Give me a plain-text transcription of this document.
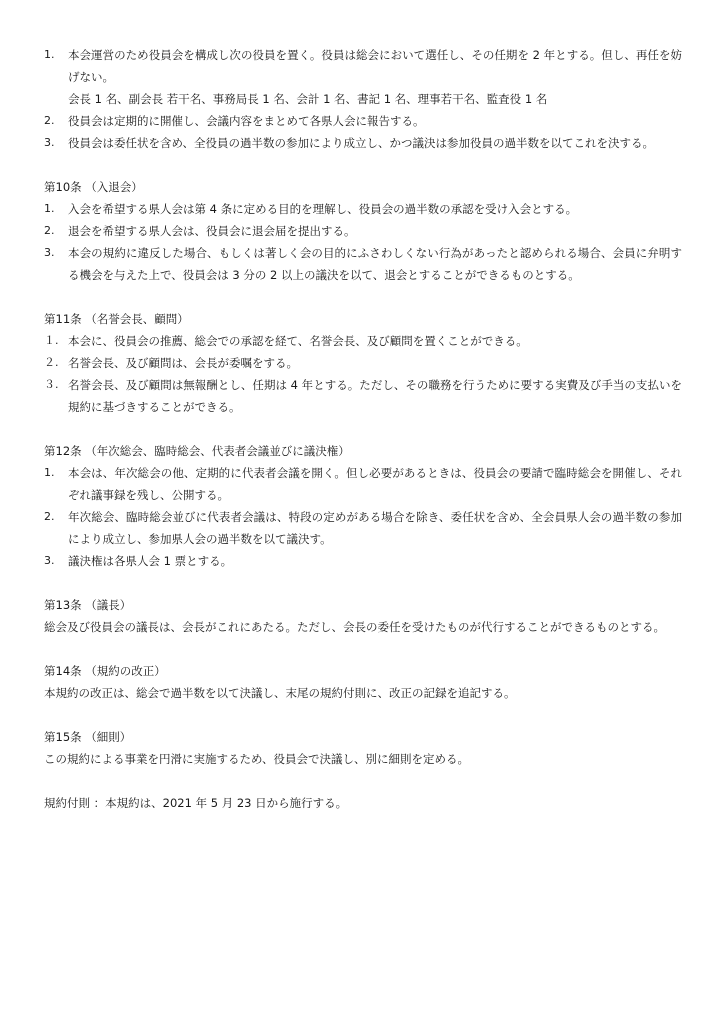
1.	本会運営のため役員会を構成し次の役員を置く。役員は総会において選任し、その任期を 2 年とする。但し、再任を妨げない。
会長 1 名、副会長 若干名、事務局長 1 名、会計 1 名、書記 1 名、理事若干名、監査役 1 名
2.	役員会は定期的に開催し、会議内容をまとめて各県人会に報告する。
3.	役員会は委任状を含め、全役員の過半数の参加により成立し、かつ議決は参加役員の過半数を以てこれを決する。
第10条 （入退会）
1.	入会を希望する県人会は第 4 条に定める目的を理解し、役員会の過半数の承認を受け入会とする。
2.	退会を希望する県人会は、役員会に退会届を提出する。
3.	本会の規約に違反した場合、もしくは著しく会の目的にふさわしくない行為があったと認められる場合、会員に弁明する機会を与えた上で、役員会は 3 分の 2 以上の議決を以て、退会とすることができるものとする。
第11条 （名誉会長、顧問）
１. 本会に、役員会の推薦、総会での承認を経て、名誉会長、及び顧問を置くことができる。
２. 名誉会長、及び顧問は、会長が委嘱をする。
３. 名誉会長、及び顧問は無報酬とし、任期は 4 年とする。ただし、その職務を行うために要する実費及び手当の支払いを規約に基づきすることができる。
第12条 （年次総会、臨時総会、代表者会議並びに議決権）
1.	本会は、年次総会の他、定期的に代表者会議を開く。但し必要があるときは、役員会の要請で臨時総会を開催し、それぞれ議事録を残し、公開する。
2.	年次総会、臨時総会並びに代表者会議は、特段の定めがある場合を除き、委任状を含め、全会員県人会の過半数の参加により成立し、参加県人会の過半数を以て議決す。
3.	議決権は各県人会 1 票とする。
第13条 （議長）
総会及び役員会の議長は、会長がこれにあたる。ただし、会長の委任を受けたものが代行することができるものとする。
第14条 （規約の改正）
本規約の改正は、総会で過半数を以て決議し、末尾の規約付則に、改正の記録を追記する。
第15条 （細則）
この規約による事業を円滑に実施するため、役員会で決議し、別に細則を定める。
規約付則 ：本規約は、2021 年 5 月 23 日から施行する。
